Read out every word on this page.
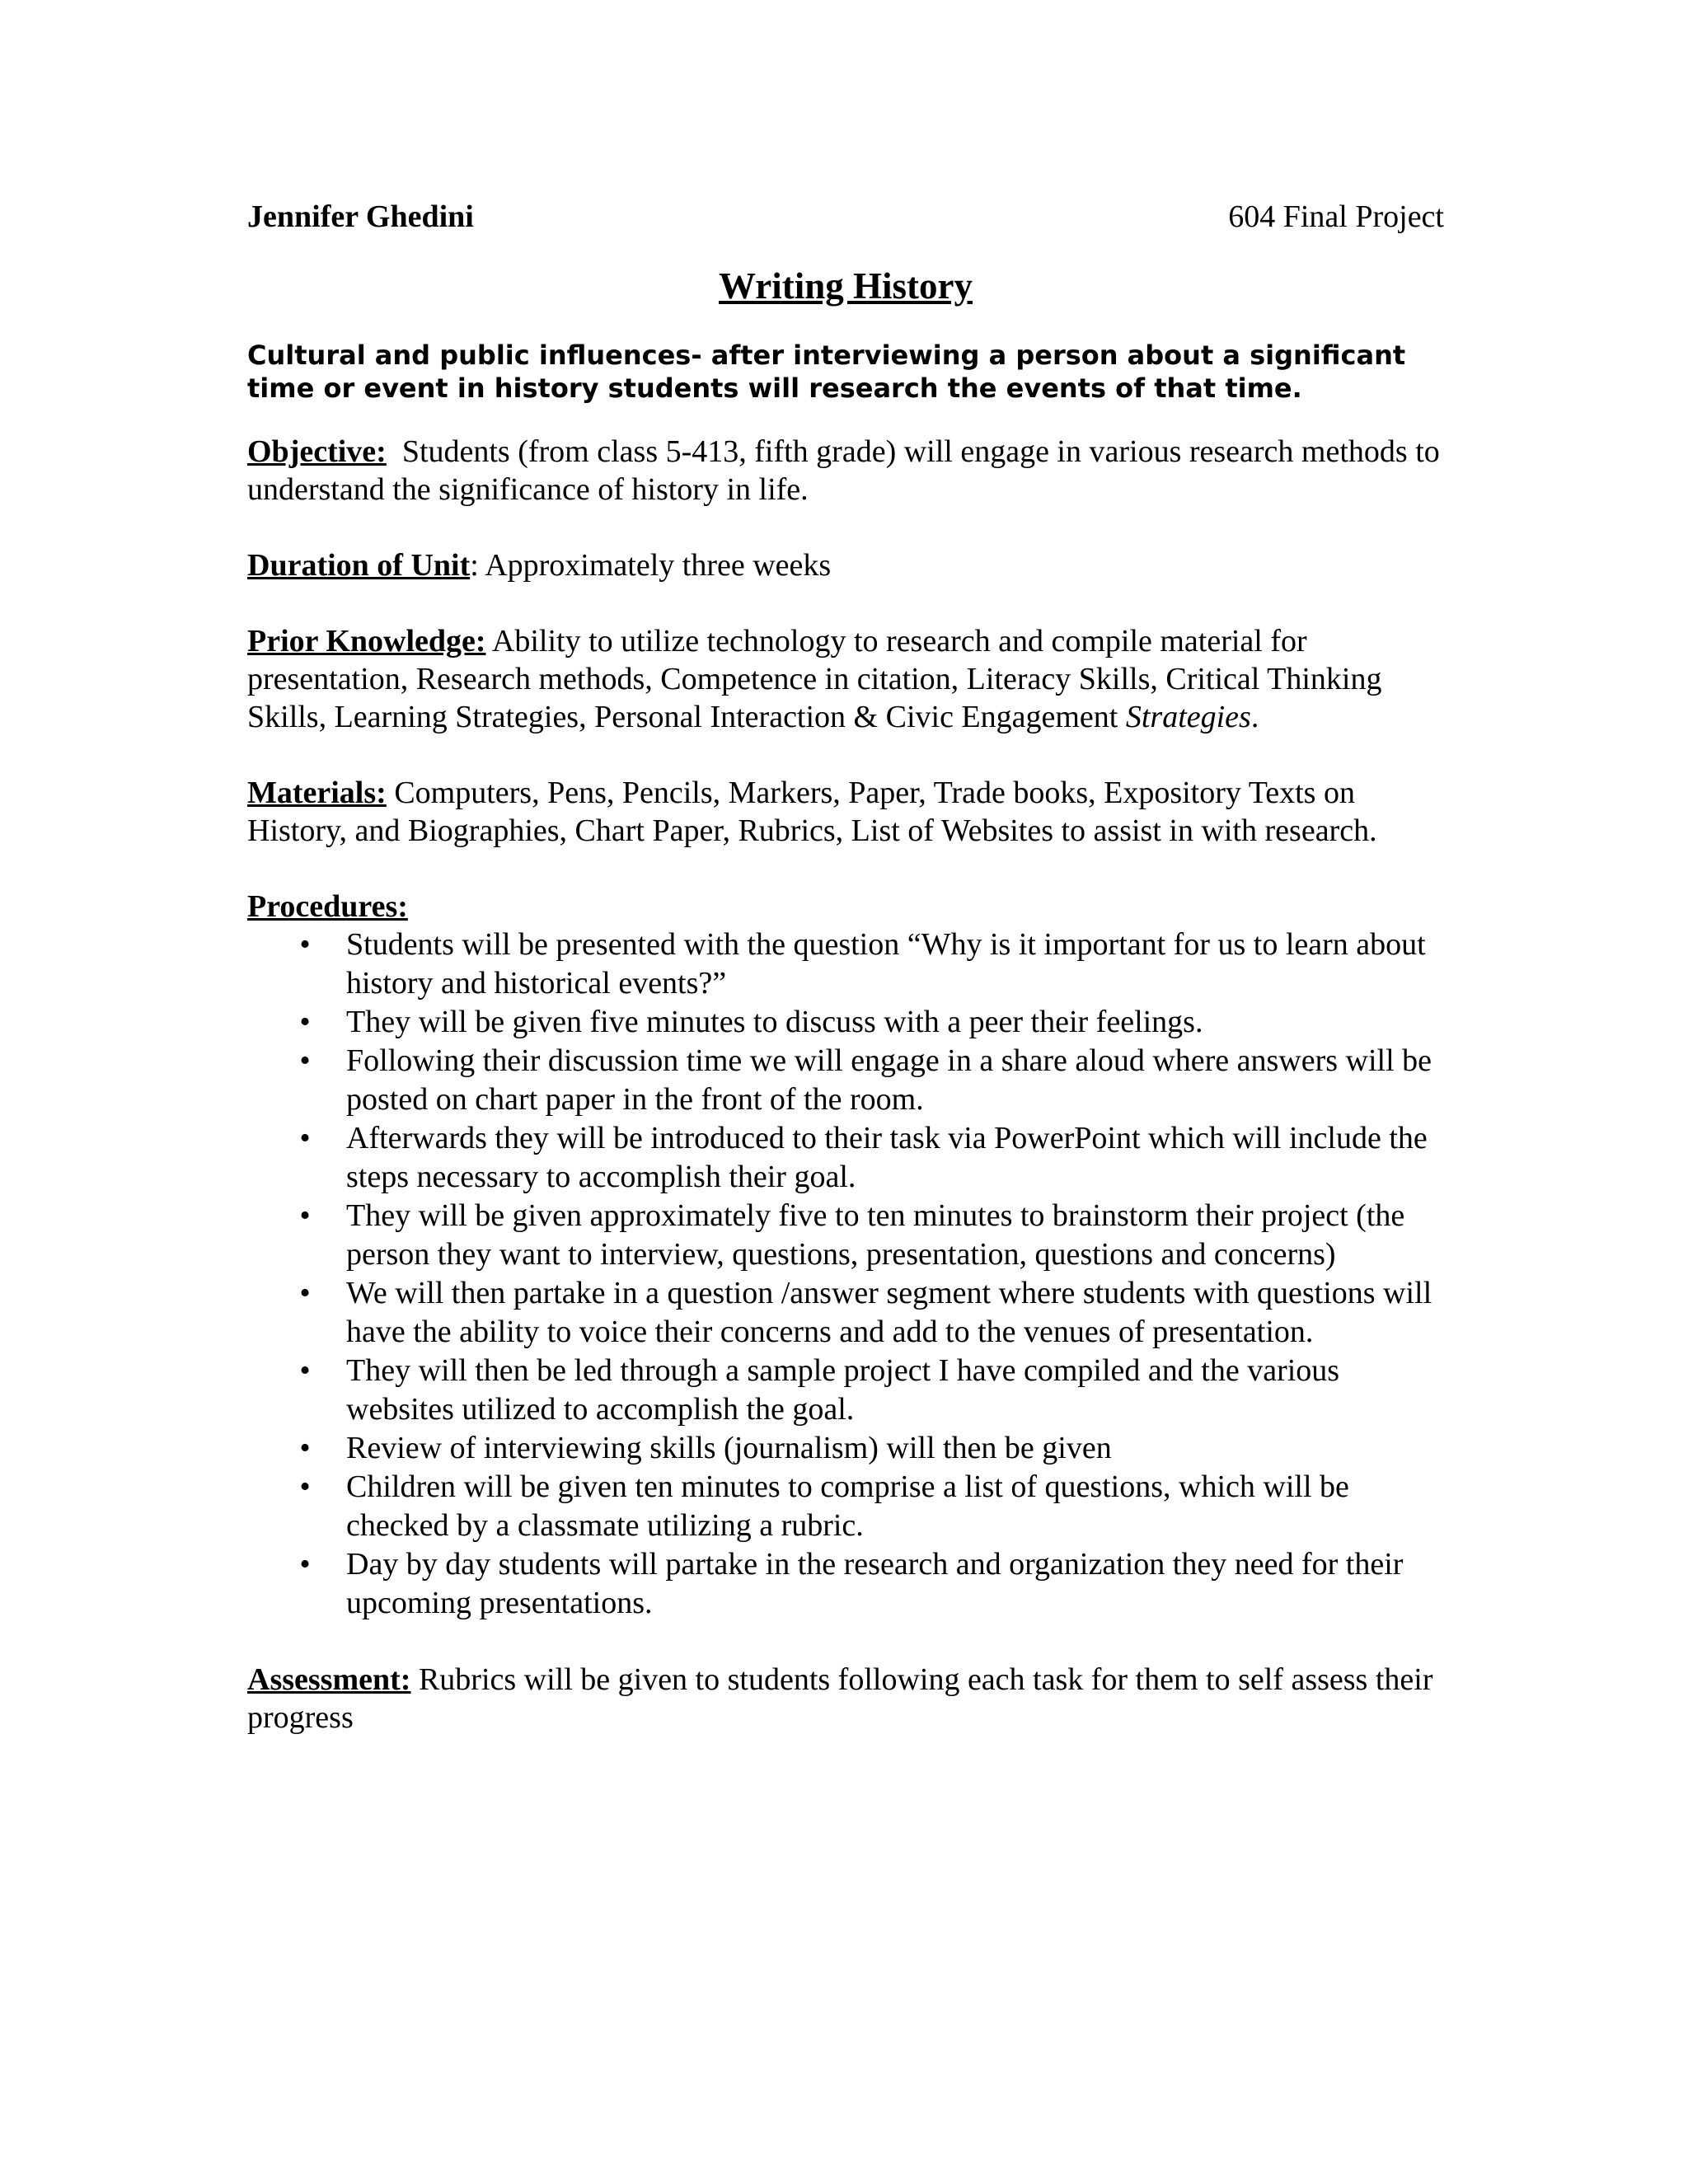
Jennifer Ghedini	604 Final Project
Writing History
Cultural and public influences- after interviewing a person about a significant time or event in history students will research the events of that time.
Objective: Students (from class 5-413, fifth grade) will engage in various research methods to understand the significance of history in life.
Duration of Unit: Approximately three weeks
Prior Knowledge: Ability to utilize technology to research and compile material for presentation, Research methods, Competence in citation, Literacy Skills, Critical Thinking Skills, Learning Strategies, Personal Interaction & Civic Engagement Strategies.
Materials: Computers, Pens, Pencils, Markers, Paper, Trade books, Expository Texts on History, and Biographies, Chart Paper, Rubrics, List of Websites to assist in with research.
Procedures:
• Students will be presented with the question “Why is it important for us to learn about history and historical events?”
• They will be given five minutes to discuss with a peer their feelings.
• Following their discussion time we will engage in a share aloud where answers will be posted on chart paper in the front of the room.
• Afterwards they will be introduced to their task via PowerPoint which will include the steps necessary to accomplish their goal.
• They will be given approximately five to ten minutes to brainstorm their project (the person they want to interview, questions, presentation, questions and concerns)
• We will then partake in a question /answer segment where students with questions will have the ability to voice their concerns and add to the venues of presentation.
• They will then be led through a sample project I have compiled and the various websites utilized to accomplish the goal.
• Review of interviewing skills (journalism) will then be given
• Children will be given ten minutes to comprise a list of questions, which will be checked by a classmate utilizing a rubric.
• Day by day students will partake in the research and organization they need for their upcoming presentations.
Assessment: Rubrics will be given to students following each task for them to self assess their progress
